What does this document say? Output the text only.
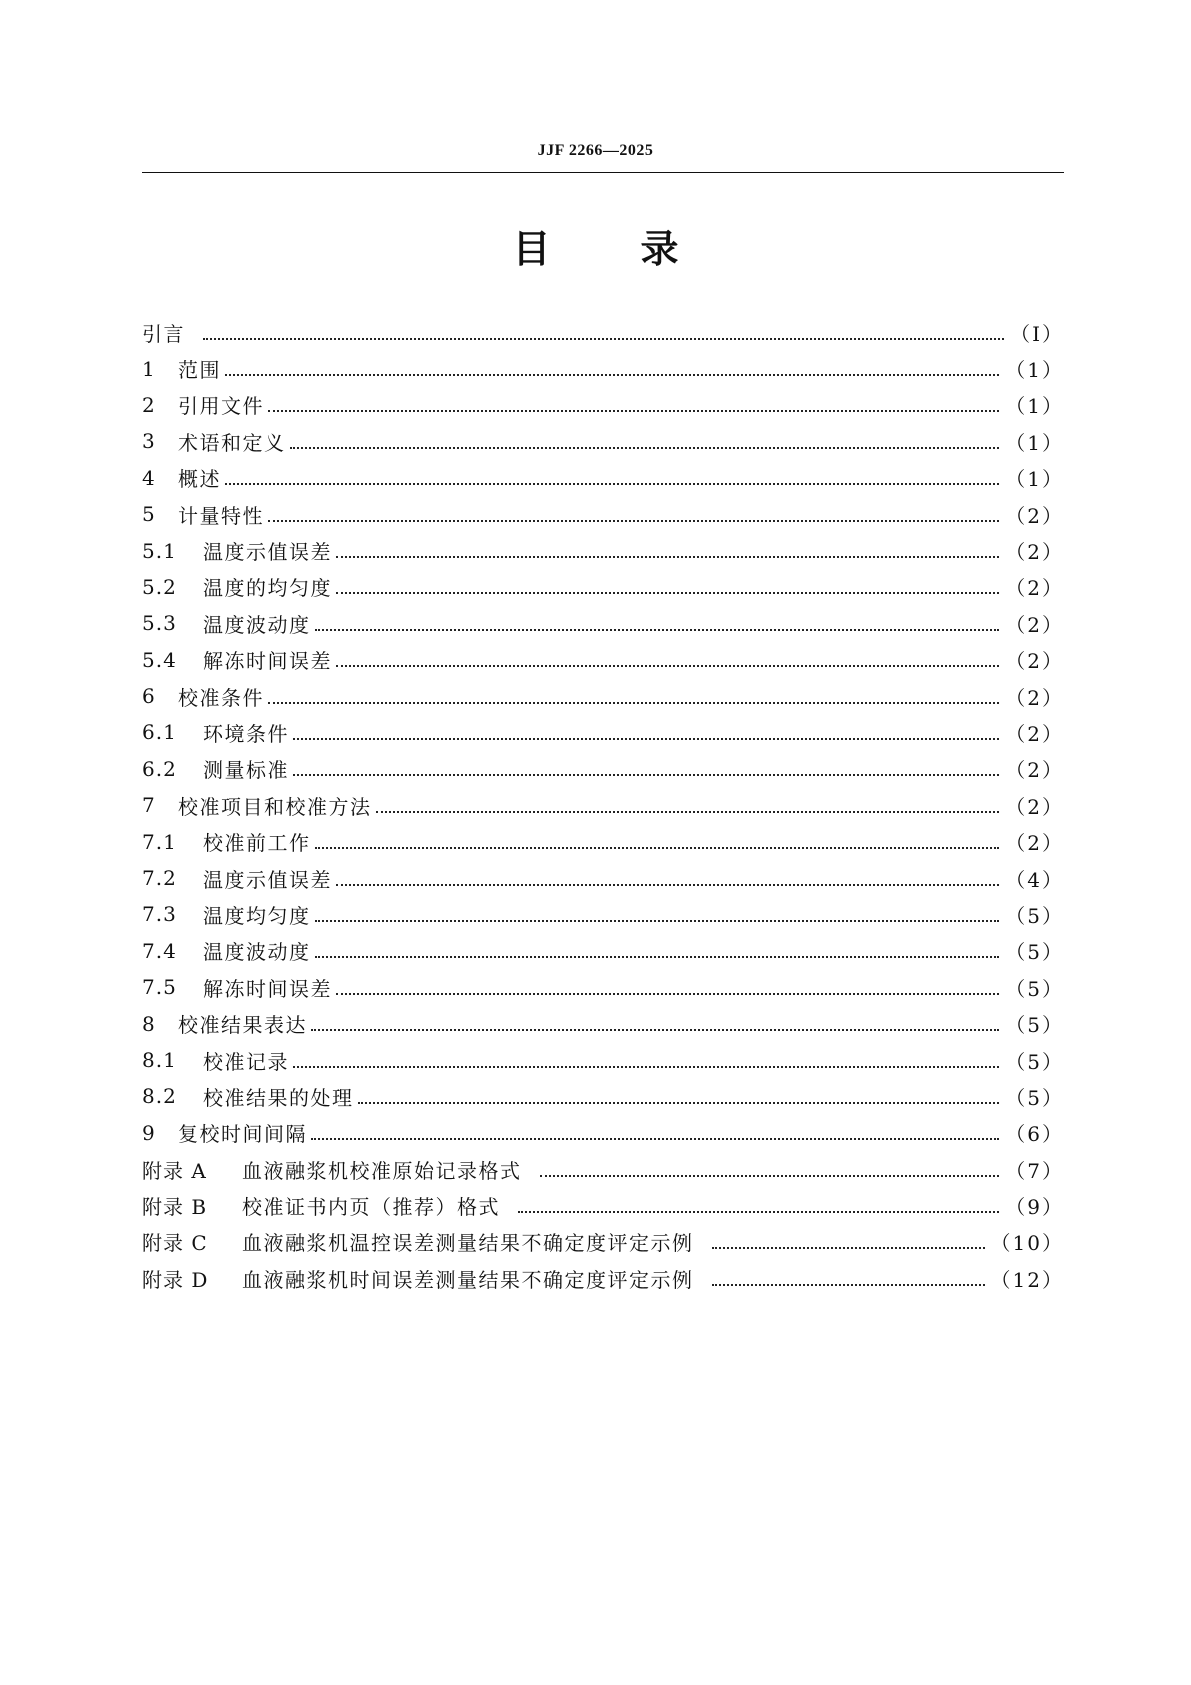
JJF 2266—2025
目 录
引言	（Ⅰ）
1	范围	（1）
2	引用文件	（1）
3	术语和定义	（1）
4	概述	（1）
5	计量特性	（2）
5.1	温度示值误差	（2）
5.2	温度的均匀度	（2）
5.3	温度波动度	（2）
5.4	解冻时间误差	（2）
6	校准条件	（2）
6.1	环境条件	（2）
6.2	测量标准	（2）
7	校准项目和校准方法	（2）
7.1	校准前工作	（2）
7.2	温度示值误差	（4）
7.3	温度均匀度	（5）
7.4	温度波动度	（5）
7.5	解冻时间误差	（5）
8	校准结果表达	（5）
8.1	校准记录	（5）
8.2	校准结果的处理	（5）
9	复校时间间隔	（6）
附录 A	血液融浆机校准原始记录格式	（7）
附录 B	校准证书内页（推荐）格式	（9）
附录 C	血液融浆机温控误差测量结果不确定度评定示例	（10）
附录 D	血液融浆机时间误差测量结果不确定度评定示例	（12）
